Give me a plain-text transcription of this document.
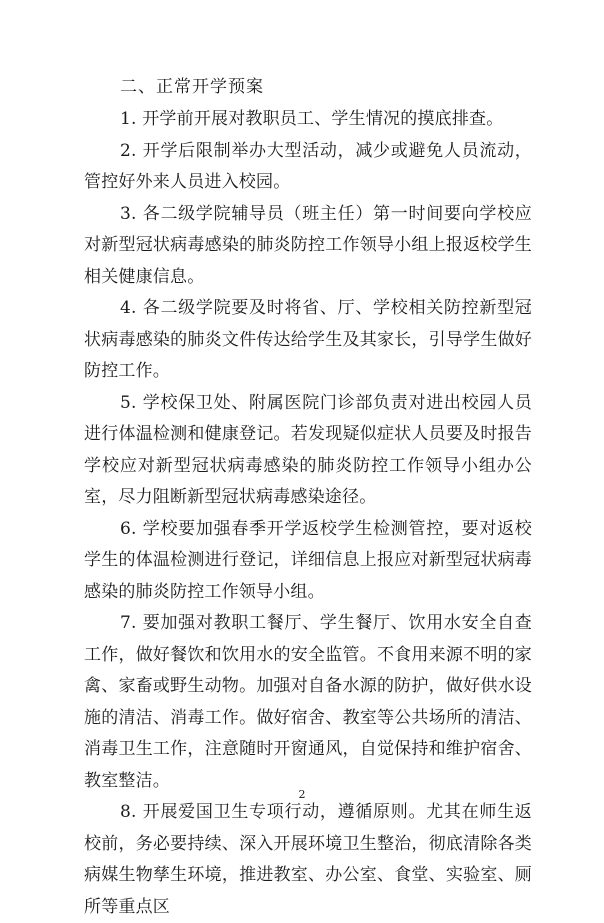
二、正常开学预案

1. 开学前开展对教职员工、学生情况的摸底排查。

2. 开学后限制举办大型活动，减少或避免人员流动，管控好外来人员进入校园。

3. 各二级学院辅导员（班主任）第一时间要向学校应对新型冠状病毒感染的肺炎防控工作领导小组上报返校学生相关健康信息。

4. 各二级学院要及时将省、厅、学校相关防控新型冠状病毒感染的肺炎文件传达给学生及其家长，引导学生做好防控工作。

5. 学校保卫处、附属医院门诊部负责对进出校园人员进行体温检测和健康登记。若发现疑似症状人员要及时报告学校应对新型冠状病毒感染的肺炎防控工作领导小组办公室，尽力阻断新型冠状病毒感染途径。

6. 学校要加强春季开学返校学生检测管控，要对返校学生的体温检测进行登记，详细信息上报应对新型冠状病毒感染的肺炎防控工作领导小组。

7. 要加强对教职工餐厅、学生餐厅、饮用水安全自查工作，做好餐饮和饮用水的安全监管。不食用来源不明的家禽、家畜或野生动物。加强对自备水源的防护，做好供水设施的清洁、消毒工作。做好宿舍、教室等公共场所的清洁、消毒卫生工作，注意随时开窗通风，自觉保持和维护宿舍、教室整洁。

8. 开展爱国卫生专项行动，遵循原则。尤其在师生返校前，务必要持续、深入开展环境卫生整治，彻底清除各类病媒生物孳生环境，推进教室、办公室、食堂、实验室、厕所等重点区

2
